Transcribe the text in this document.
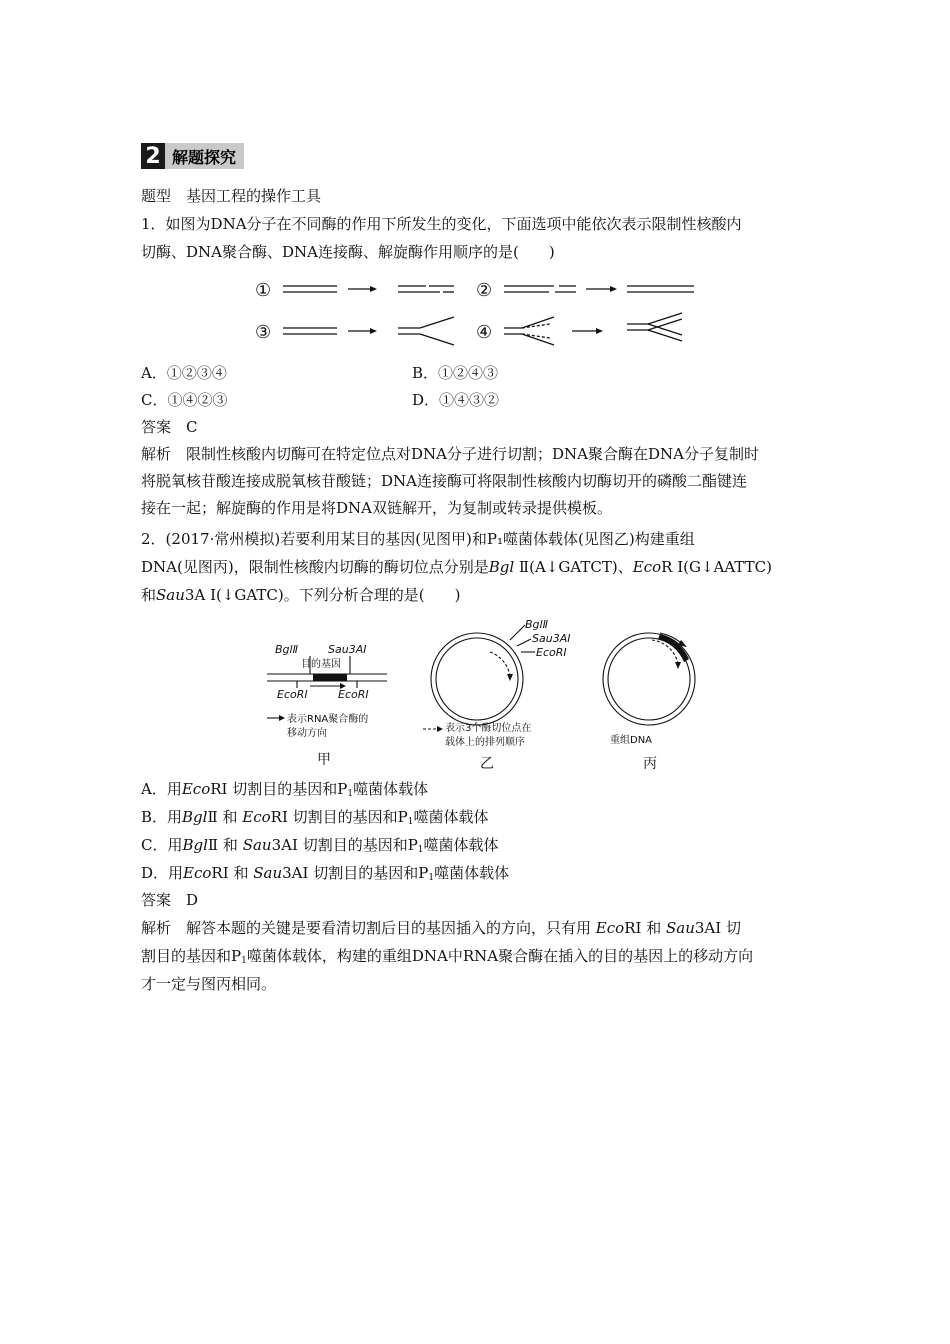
2 解题探究
题型　基因工程的操作工具
1．如图为DNA分子在不同酶的作用下所发生的变化，下面选项中能依次表示限制性核酸内
切酶、DNA聚合酶、DNA连接酶、解旋酶作用顺序的是(　　)
①	②
③	④
A．①②③④	B．①②④③
C．①④②③	D．①④③②
答案　C
解析　限制性核酸内切酶可在特定位点对DNA分子进行切割；DNA聚合酶在DNA分子复制时
将脱氧核苷酸连接成脱氧核苷酸链；DNA连接酶可将限制性核酸内切酶切开的磷酸二酯键连
接在一起；解旋酶的作用是将DNA双链解开，为复制或转录提供模板。
2．(2017·常州模拟)若要利用某目的基因(见图甲)和P₁噬菌体载体(见图乙)构建重组
DNA(见图丙)，限制性核酸内切酶的酶切位点分别是Bgl Ⅱ(A↓GATCT)、EcoR Ⅰ(G↓AATTC)
和Sau3A Ⅰ(↓GATC)。下列分析合理的是(　　)
BglⅡ	Sau3AⅠ
目的基因
EcoRⅠ	EcoRⅠ
表示RNA聚合酶的
移动方向
甲
BglⅡ
Sau3AⅠ
EcoRⅠ
表示3个酶切位点在
载体上的排列顺序
乙
重组DNA
丙
A．用EcoRⅠ 切割目的基因和$P_1$噬菌体载体
B．用BglⅡ 和 EcoRⅠ 切割目的基因和$P_1$噬菌体载体
C．用BglⅡ 和 Sau3AⅠ 切割目的基因和$P_1$噬菌体载体
D．用EcoRⅠ 和 Sau3AⅠ 切割目的基因和$P_1$噬菌体载体
答案　D
解析　解答本题的关键是要看清切割后目的基因插入的方向，只有用 EcoRⅠ 和 Sau3AⅠ 切
割目的基因和$P_1$噬菌体载体，构建的重组DNA中RNA聚合酶在插入的目的基因上的移动方向
才一定与图丙相同。
